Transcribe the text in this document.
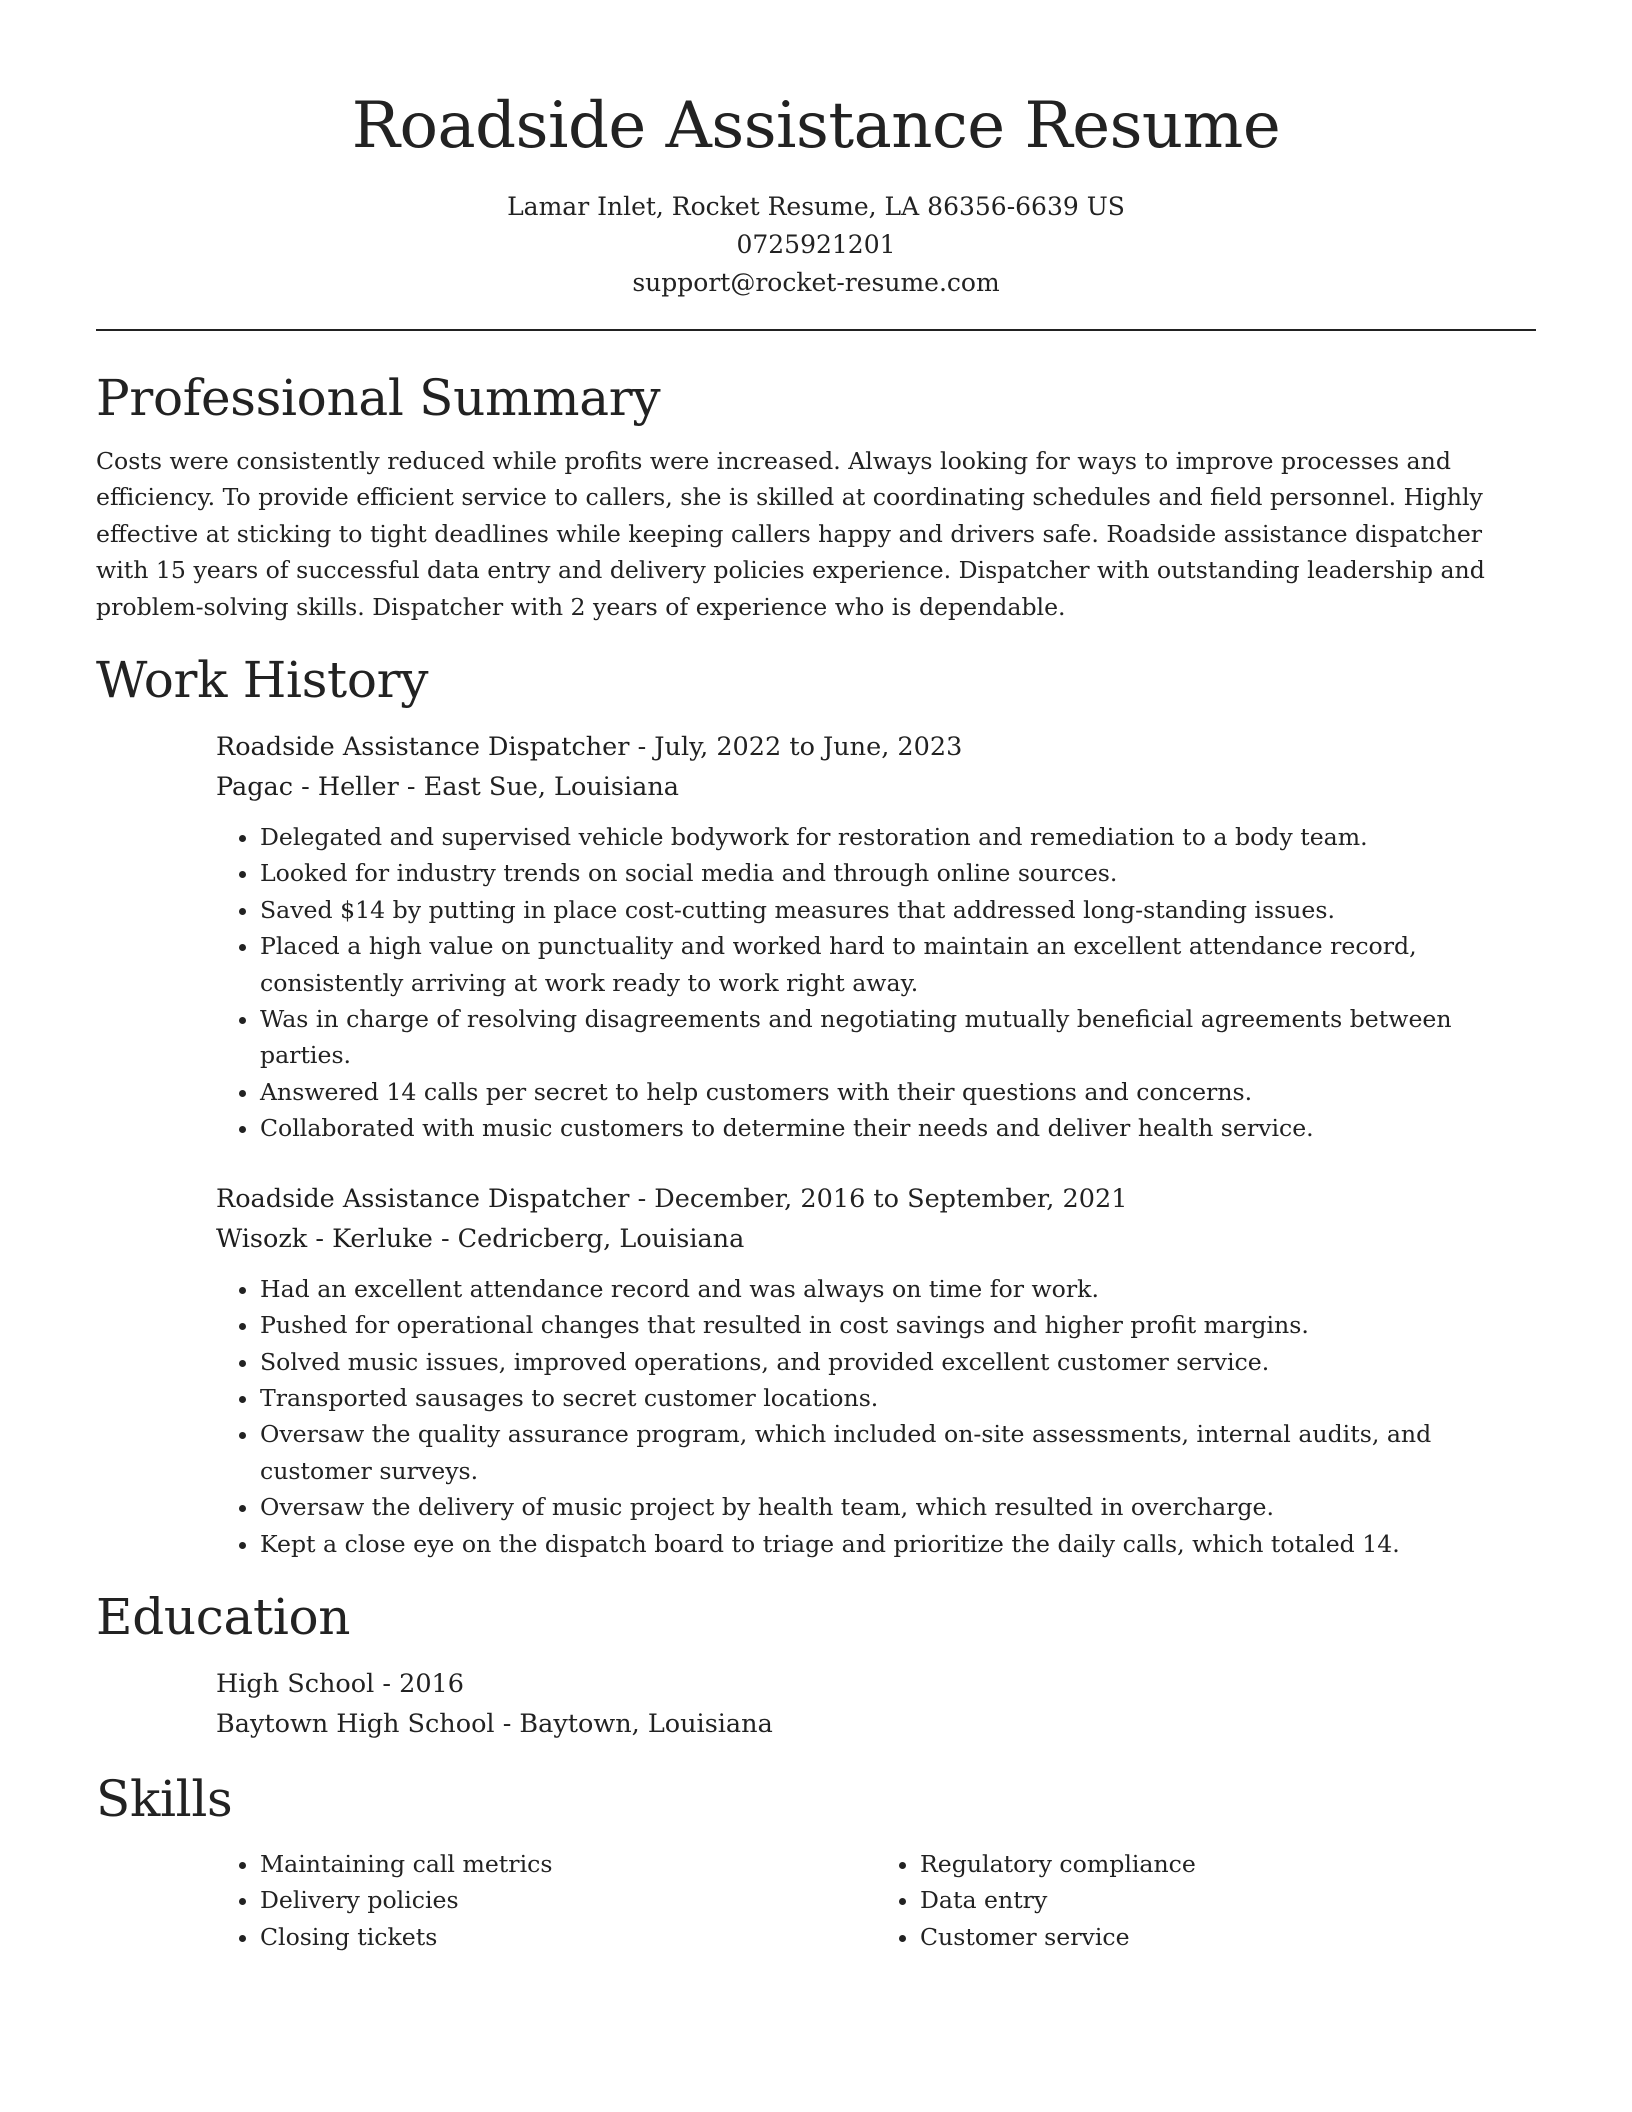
Roadside Assistance Resume
Lamar Inlet, Rocket Resume, LA 86356-6639 US
0725921201
support@rocket-resume.com
Professional Summary

Costs were consistently reduced while profits were increased. Always looking for ways to improve processes and efficiency. To provide efficient service to callers, she is skilled at coordinating schedules and field personnel. Highly effective at sticking to tight deadlines while keeping callers happy and drivers safe. Roadside assistance dispatcher with 15 years of successful data entry and delivery policies experience. Dispatcher with outstanding leadership and problem-solving skills. Dispatcher with 2 years of experience who is dependable.

Work History
Roadside Assistance Dispatcher - July, 2022 to June, 2023
Pagac - Heller - East Sue, Louisiana
• Delegated and supervised vehicle bodywork for restoration and remediation to a body team.
• Looked for industry trends on social media and through online sources.
• Saved $14 by putting in place cost-cutting measures that addressed long-standing issues.
• Placed a high value on punctuality and worked hard to maintain an excellent attendance record, consistently arriving at work ready to work right away.
• Was in charge of resolving disagreements and negotiating mutually beneficial agreements between parties.
• Answered 14 calls per secret to help customers with their questions and concerns.
• Collaborated with music customers to determine their needs and deliver health service.
Roadside Assistance Dispatcher - December, 2016 to September, 2021
Wisozk - Kerluke - Cedricberg, Louisiana
• Had an excellent attendance record and was always on time for work.
• Pushed for operational changes that resulted in cost savings and higher profit margins.
• Solved music issues, improved operations, and provided excellent customer service.
• Transported sausages to secret customer locations.
• Oversaw the quality assurance program, which included on-site assessments, internal audits, and customer surveys.
• Oversaw the delivery of music project by health team, which resulted in overcharge.
• Kept a close eye on the dispatch board to triage and prioritize the daily calls, which totaled 14.
Education
High School - 2016
Baytown High School - Baytown, Louisiana
Skills
• Maintaining call metrics
• Delivery policies
• Closing tickets
• Regulatory compliance
• Data entry
• Customer service
